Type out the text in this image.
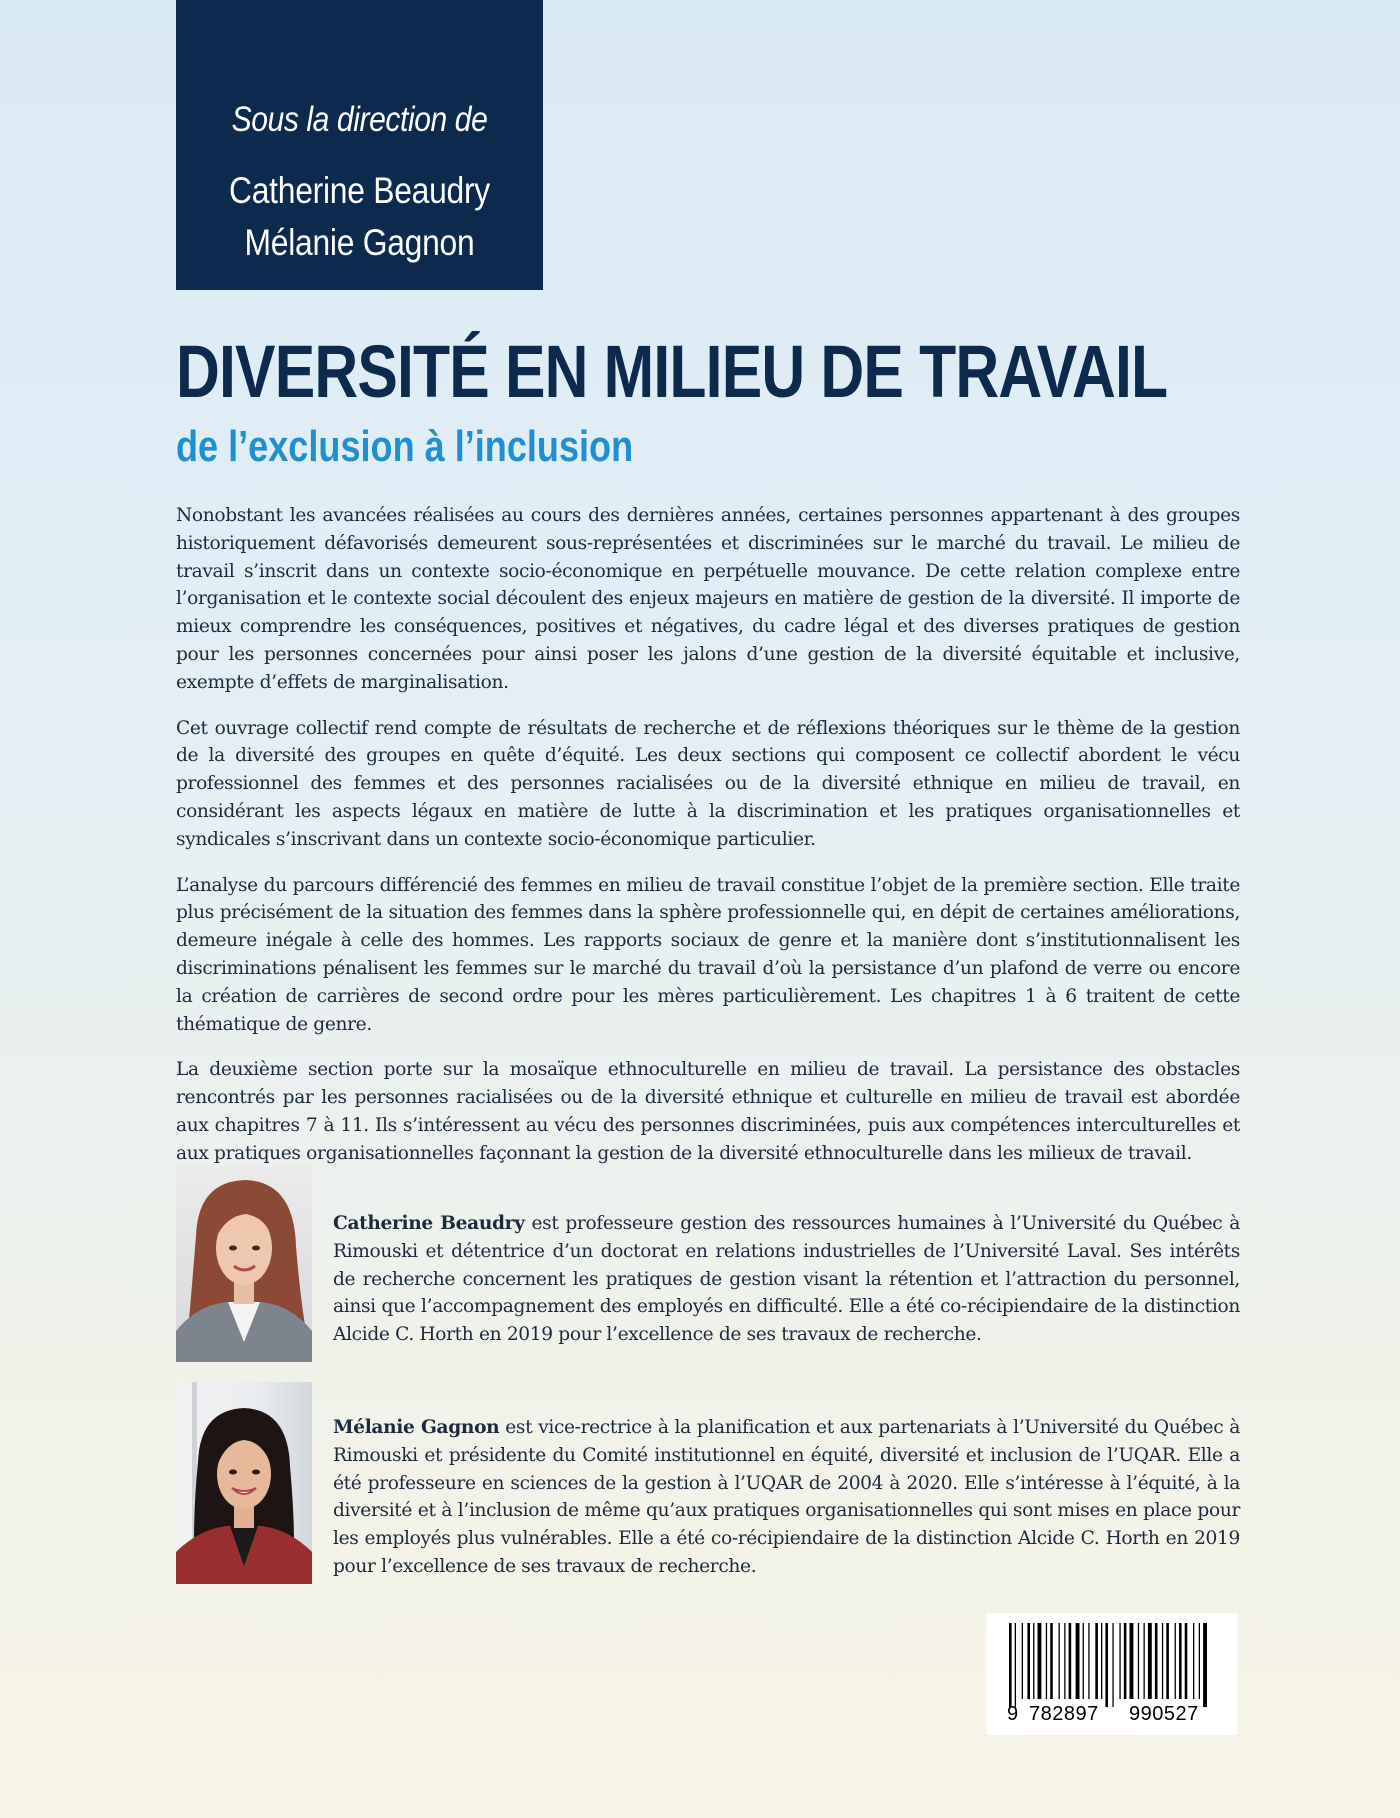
Sous la direction de
Catherine Beaudry
Mélanie Gagnon
DIVERSITÉ EN MILIEU DE TRAVAIL
de l’exclusion à l’inclusion

Nonobstant les avancées réalisées au cours des dernières années, certaines personnes appartenant à des groupes historiquement défavorisés demeurent sous-représentées et discriminées sur le marché du travail. Le milieu de travail s’inscrit dans un contexte socio-économique en perpétuelle mouvance. De cette relation complexe entre l’organisation et le contexte social découlent des enjeux majeurs en matière de gestion de la diversité. Il importe de mieux comprendre les conséquences, positives et négatives, du cadre légal et des diverses pratiques de gestion pour les personnes concernées pour ainsi poser les jalons d’une gestion de la diversité équitable et inclusive, exempte d’effets de marginalisation.

Cet ouvrage collectif rend compte de résultats de recherche et de réflexions théoriques sur le thème de la gestion de la diversité des groupes en quête d’équité. Les deux sections qui composent ce collectif abordent le vécu professionnel des femmes et des personnes racialisées ou de la diversité ethnique en milieu de travail, en considérant les aspects légaux en matière de lutte à la discrimination et les pratiques organisationnelles et syndicales s’inscrivant dans un contexte socio-économique particulier.

L’analyse du parcours différencié des femmes en milieu de travail constitue l’objet de la première section. Elle traite plus précisément de la situation des femmes dans la sphère professionnelle qui, en dépit de certaines améliorations, demeure inégale à celle des hommes. Les rapports sociaux de genre et la manière dont s’institutionnalisent les discriminations pénalisent les femmes sur le marché du travail d’où la persistance d’un plafond de verre ou encore la création de carrières de second ordre pour les mères particulièrement. Les chapitres 1 à 6 traitent de cette thématique de genre.

La deuxième section porte sur la mosaïque ethnoculturelle en milieu de travail. La persistance des obstacles rencontrés par les personnes racialisées ou de la diversité ethnique et culturelle en milieu de travail est abordée aux chapitres 7 à 11. Ils s’intéressent au vécu des personnes discriminées, puis aux compétences interculturelles et aux pratiques organisationnelles façonnant la gestion de la diversité ethnoculturelle dans les milieux de travail.

Catherine Beaudry est professeure gestion des ressources humaines à l’Université du Québec à Rimouski et détentrice d’un doctorat en relations industrielles de l’Université Laval. Ses intérêts de recherche concernent les pratiques de gestion visant la rétention et l’attraction du personnel, ainsi que l’accompagnement des employés en difficulté. Elle a été co-récipiendaire de la distinction Alcide C. Horth en 2019 pour l’excellence de ses travaux de recherche.

Mélanie Gagnon est vice-rectrice à la planification et aux partenariats à l’Université du Québec à Rimouski et présidente du Comité institutionnel en équité, diversité et inclusion de l’UQAR. Elle a été professeure en sciences de la gestion à l’UQAR de 2004 à 2020. Elle s’intéresse à l’équité, à la diversité et à l’inclusion de même qu’aux pratiques organisationnelles qui sont mises en place pour les employés plus vulnérables. Elle a été co-récipiendaire de la distinction Alcide C. Horth en 2019 pour l’excellence de ses travaux de recherche.

9 782897 990527
